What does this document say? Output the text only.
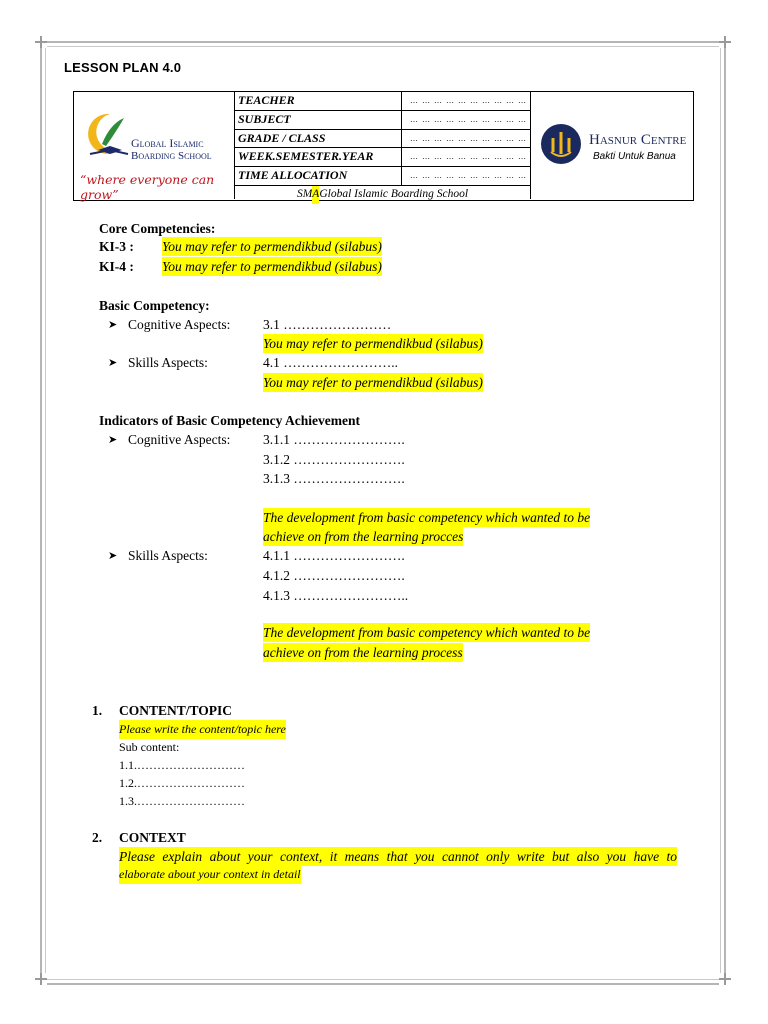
LESSON PLAN 4.0
Global Islamic
Boarding School
“where everyone can grow”
TEACHER	… … … … … … … … … …
SUBJECT	… … … … … … … … … …
GRADE / CLASS	… … … … … … … … … …
WEEK.SEMESTER.YEAR	… … … … … … … … … …
TIME ALLOCATION	… … … … … … … … … …
SM A Global Islamic Boarding School
Hasnur Centre
Bakti Untuk Banua
Core Competencies:
KI-3 : You may refer to permendikbud (silabus)
KI-4 : You may refer to permendikbud (silabus)
Basic Competency:
➤ Cognitive Aspects: 3.1 ……………………
You may refer to permendikbud (silabus)
➤ Skills Aspects:	4.1 ……………………..
You may refer to permendikbud (silabus)
Indicators of Basic Competency Achievement
➤ Cognitive Aspects: 3.1.1 …………………….
3.1.2 …………………….
3.1.3 …………………….
The development from basic competency which wanted to be
achieve on from the learning procces
➤ Skills Aspects:	4.1.1 …………………….
4.1.2 …………………….
4.1.3 ……………………..
The development from basic competency which wanted to be
achieve on from the learning process
1. CONTENT/TOPIC
Please write the content/topic here
Sub content:
1.1.………………………
1.2.………………………
1.3.………………………
2. CONTEXT
Please explain about your context, it means that you cannot only write but also you have to
elaborate about your context in detail
